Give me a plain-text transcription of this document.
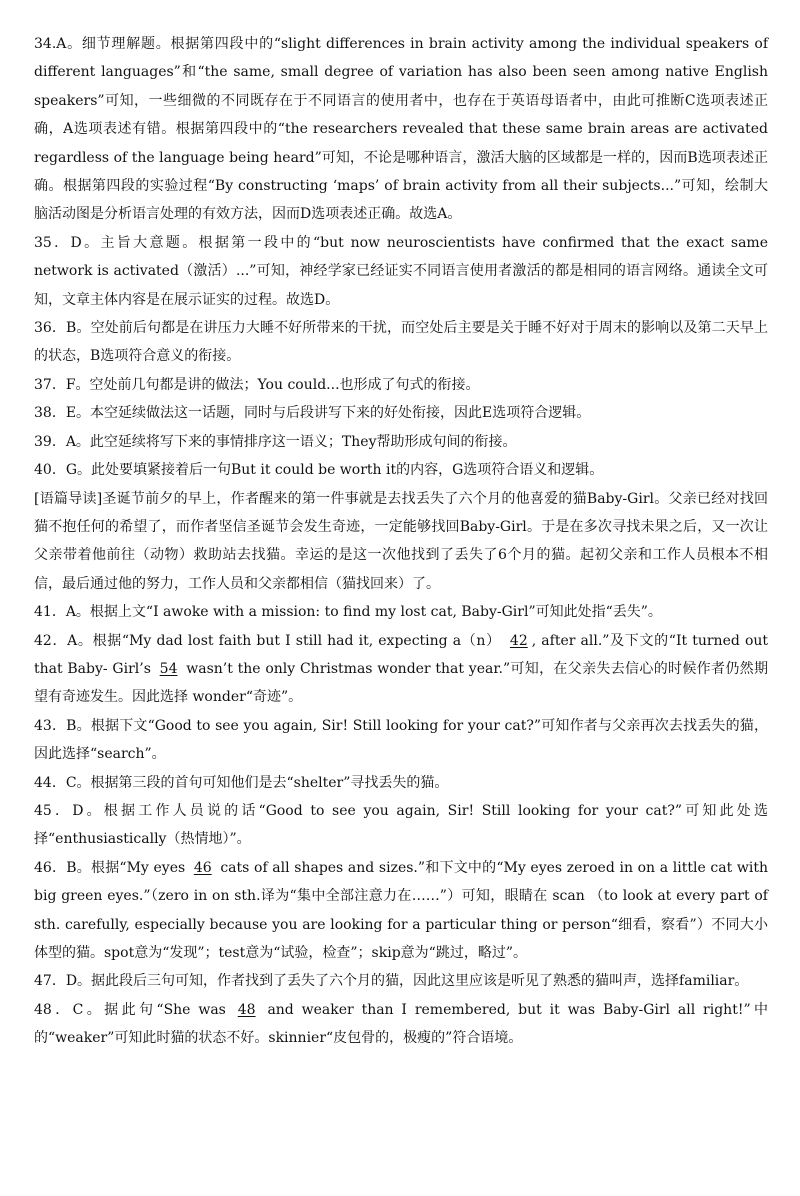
34.A。细节理解题。根据第四段中的“slight differences in brain activity among the individual speakers of different languages”和“the same, small degree of variation has also been seen among native English speakers”可知，一些细微的不同既存在于不同语言的使用者中，也存在于英语母语者中，由此可推断C选项表述正确，A选项表述有错。根据第四段中的“the researchers revealed that these same brain areas are activated regardless of the language being heard”可知，不论是哪种语言，激活大脑的区域都是一样的，因而B选项表述正确。根据第四段的实验过程“By constructing ‘maps’ of brain activity from all their subjects...”可知，绘制大脑活动图是分析语言处理的有效方法，因而D选项表述正确。故选A。

35．D。主旨大意题。根据第一段中的“but now neuroscientists have confirmed that the exact same network is activated（激活）...”可知，神经学家已经证实不同语言使用者激活的都是相同的语言网络。通读全文可知，文章主体内容是在展示证实的过程。故选D。

36．B。空处前后句都是在讲压力大睡不好所带来的干扰，而空处后主要是关于睡不好对于周末的影响以及第二天早上的状态，B选项符合意义的衔接。

37．F。空处前几句都是讲的做法；You could...也形成了句式的衔接。

38．E。本空延续做法这一话题，同时与后段讲写下来的好处衔接，因此E选项符合逻辑。

39．A。此空延续将写下来的事情排序这一语义；They帮助形成句间的衔接。

40．G。此处要填紧接着后一句But it could be worth it的内容，G选项符合语义和逻辑。

[语篇导读]圣诞节前夕的早上，作者醒来的第一件事就是去找丢失了六个月的他喜爱的猫Baby-Girl。父亲已经对找回猫不抱任何的希望了，而作者坚信圣诞节会发生奇迹，一定能够找回Baby-Girl。于是在多次寻找未果之后，又一次让父亲带着他前往（动物）救助站去找猫。幸运的是这一次他找到了丢失了6个月的猫。起初父亲和工作人员根本不相信，最后通过他的努力，工作人员和父亲都相信（猫找回来）了。

41．A。根据上文“I awoke with a mission: to find my lost cat, Baby-Girl”可知此处指“丢失”。

42．A。根据“My dad lost faith but I still had it, expecting a（n） 42 , after all.”及下文的“It turned out that Baby- Girl’s 54 wasn’t the only Christmas wonder that year.”可知，在父亲失去信心的时候作者仍然期望有奇迹发生。因此选择 wonder“奇迹”。

43．B。根据下文“Good to see you again, Sir! Still looking for your cat?”可知作者与父亲再次去找丢失的猫，因此选择“search”。

44．C。根据第三段的首句可知他们是去“shelter”寻找丢失的猫。

45．D。根据工作人员说的话“Good to see you again, Sir! Still looking for your cat?”可知此处选择“enthusiastically（热情地）”。

46．B。根据“My eyes 46 cats of all shapes and sizes.”和下文中的“My eyes zeroed in on a little cat with big green eyes.”（zero in on sth.译为“集中全部注意力在……”）可知，眼睛在 scan （to look at every part of sth. carefully, especially because you are looking for a particular thing or person“细看，察看”）不同大小体型的猫。spot意为“发现”；test意为“试验，检查”；skip意为“跳过，略过”。

47．D。据此段后三句可知，作者找到了丢失了六个月的猫，因此这里应该是听见了熟悉的猫叫声，选择familiar。

48．C。据此句“She was 48 and weaker than I remembered, but it was Baby-Girl all right!”中的“weaker”可知此时猫的状态不好。skinnier“皮包骨的，极瘦的”符合语境。
